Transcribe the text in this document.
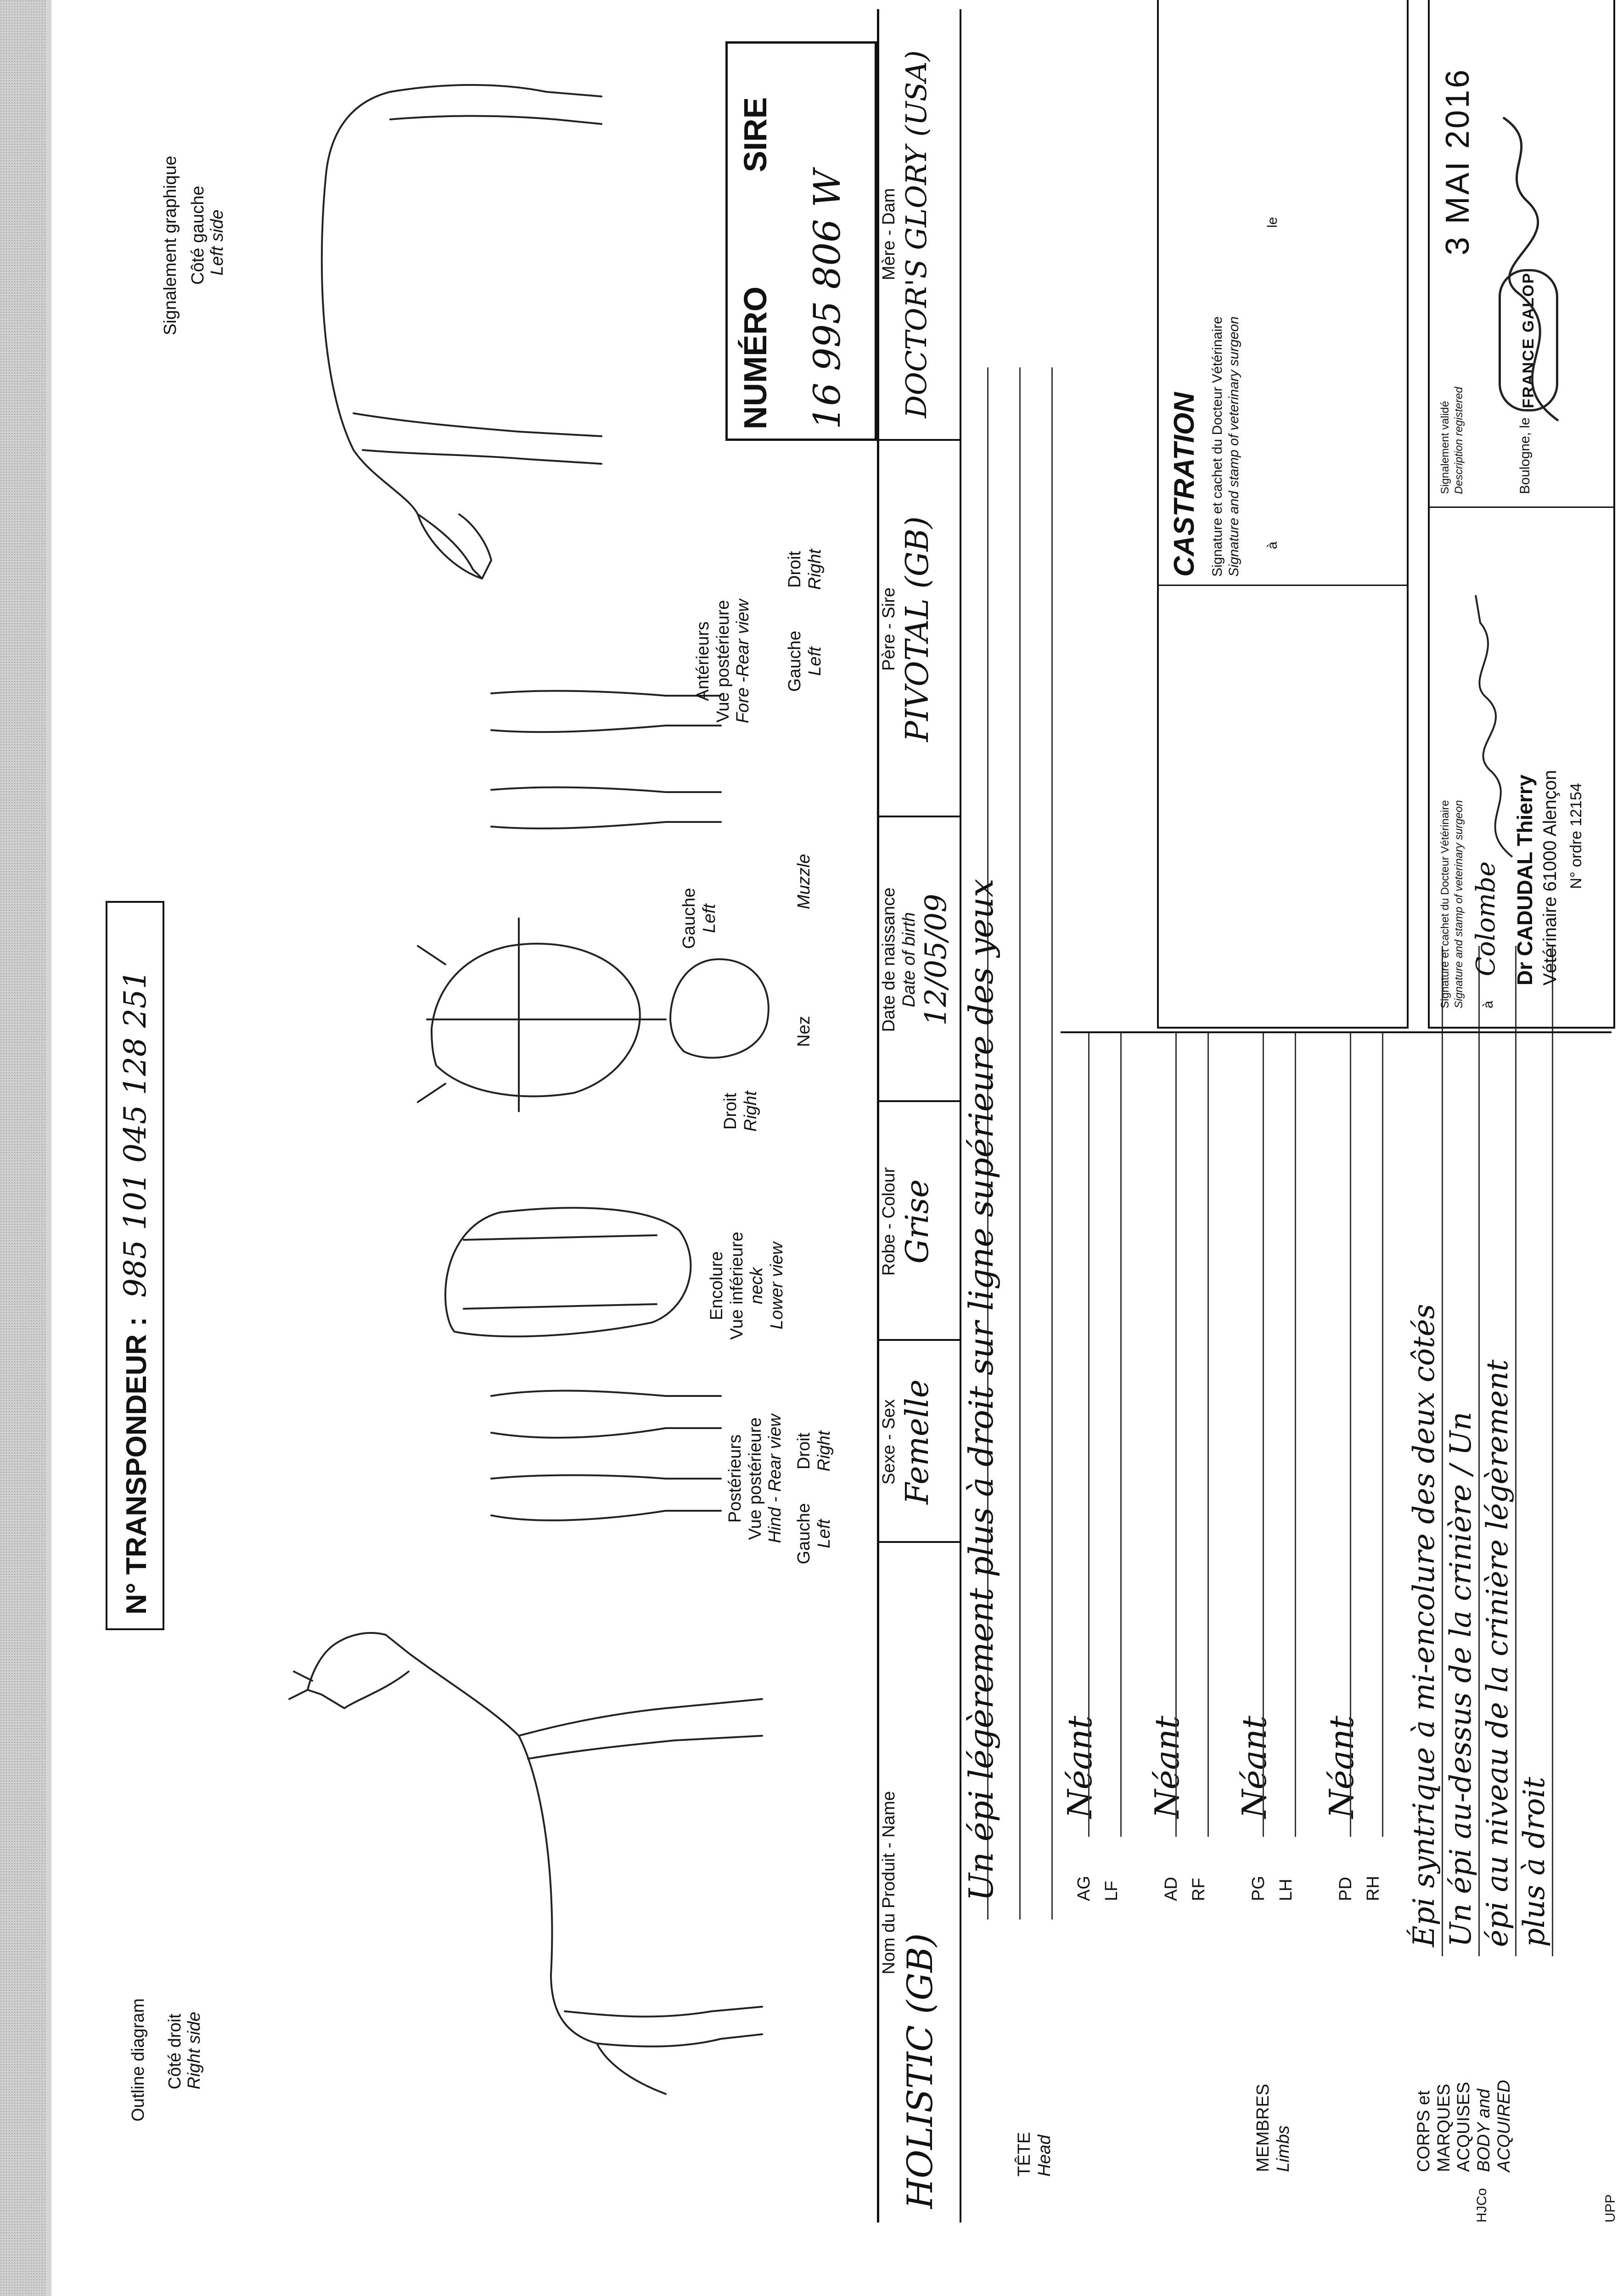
Outline diagram Côté droit Right side
N° TRANSPONDEUR :
985 101 045 128 251
Signalement graphique Côté gauche Left side
Postérieurs Vue postérieure Hind - Rear view Gauche Left
Droit Right
Encolure Vue inférieure neck Lower view
Droit Right
Gauche Left
Nez
Muzzle
Antérieurs Vue postérieure Fore -Rear view Gauche Left
Droit Right
NUMÉRO
SIRE
16 995 806 W
Nom du Produit - Name
HOLISTIC (GB)
Sexe - Sex Femelle
Robe - Colour Grise
Date de naissance Date of birth 12/05/09
Père - Sire PIVOTAL (GB)
Mère - Dam DOCTOR'S GLORY (USA)
TÊTE Head
Un épi légèrement plus à droit sur ligne supérieure des yeux
MEMBRES Limbs
AG LF
Néant
AD RF
Néant
PG LH
Néant
PD RH
Néant
CORPS et MARQUES ACQUISES BODY and ACQUIRED
Épi syntrique à mi-encolure des deux côtés Un épi au-dessus de la crinière / Un épi au niveau de la crinière légèrement plus à droit
CASTRATION Signature et cachet du Docteur Vétérinaire Signature and stamp of veterinary surgeon à
le
Signature et cachet du Docteur Vétérinaire Signature and stamp of veterinary surgeon à
Colombe Dr CADUDAL Thierry Vétérinaire 61000 Alençon N° ordre 12154
Signalement validé Description registered	Boulogne, le
3 MAI 2016
FRANCE GALOP
UPP
HJCo
